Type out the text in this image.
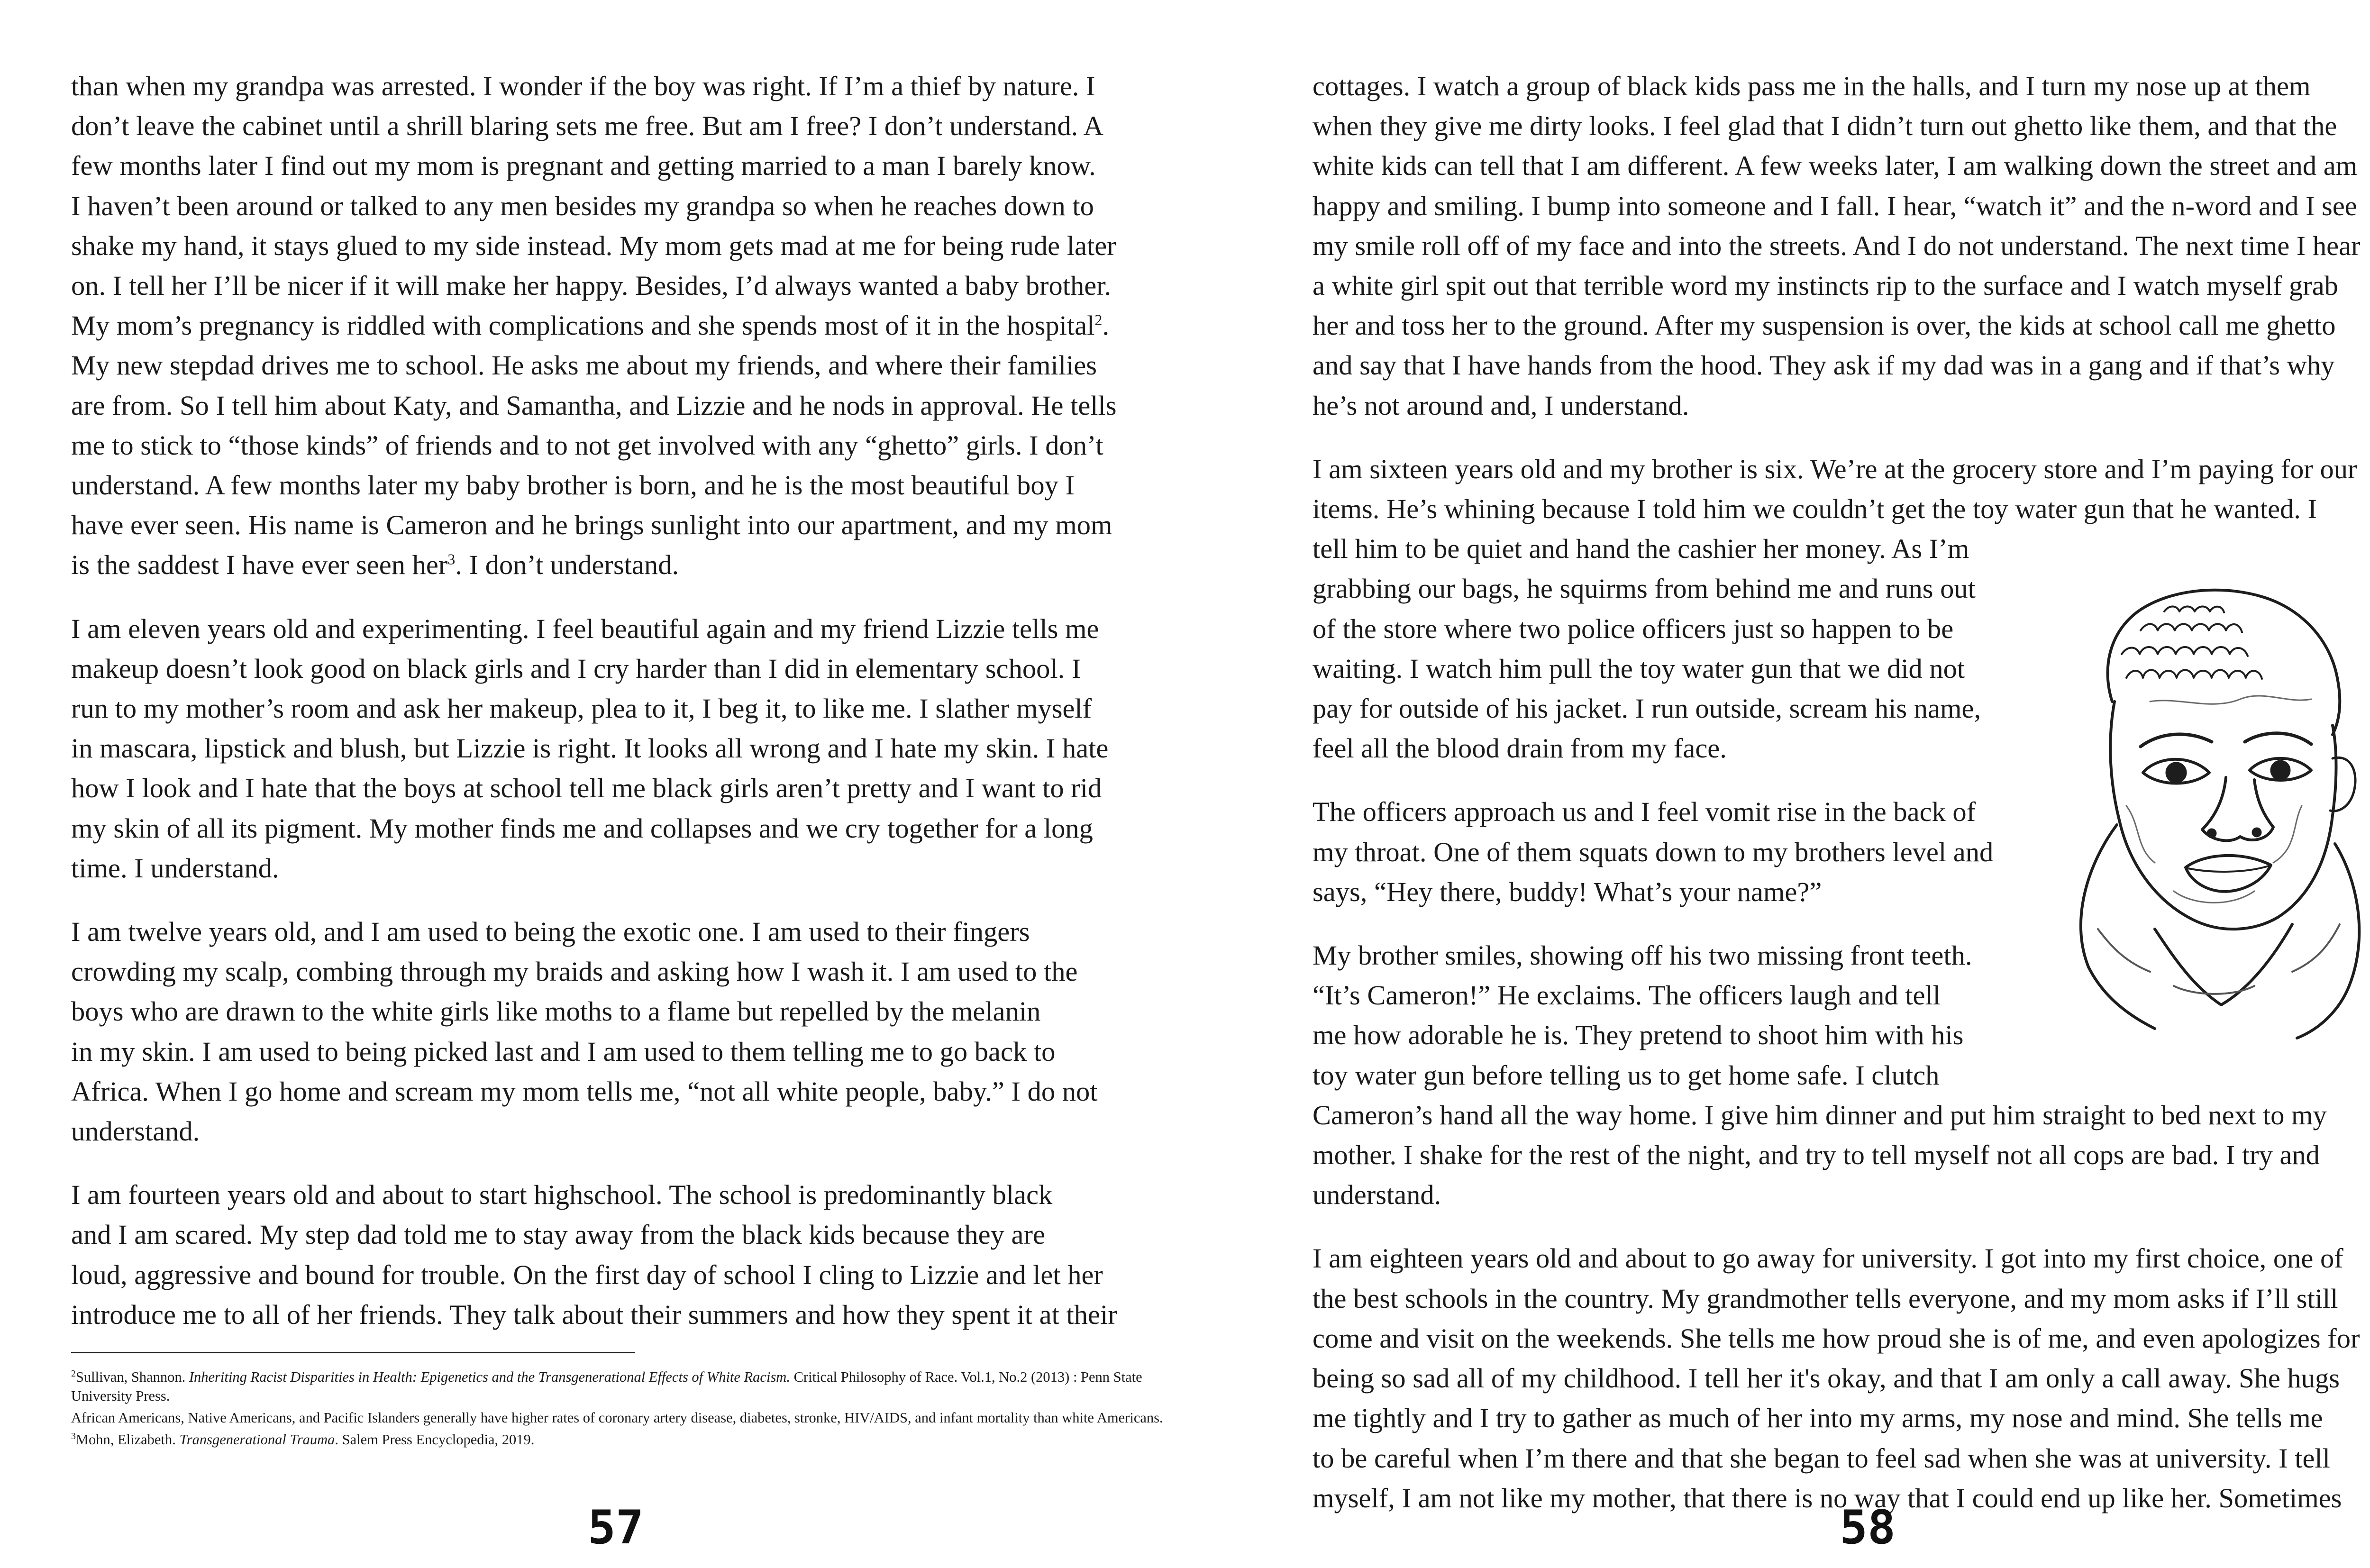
than when my grandpa was arrested. I wonder if the boy was right. If I’m a thief by nature. I
don’t leave the cabinet until a shrill blaring sets me free. But am I free? I don’t understand. A
few months later I find out my mom is pregnant and getting married to a man I barely know.
I haven’t been around or talked to any men besides my grandpa so when he reaches down to
shake my hand, it stays glued to my side instead. My mom gets mad at me for being rude later
on. I tell her I’ll be nicer if it will make her happy. Besides, I’d always wanted a baby brother.
My mom’s pregnancy is riddled with complications and she spends most of it in the hospital$^2$.
My new stepdad drives me to school. He asks me about my friends, and where their families
are from. So I tell him about Katy, and Samantha, and Lizzie and he nods in approval. He tells
me to stick to “those kinds” of friends and to not get involved with any “ghetto” girls. I don’t
understand. A few months later my baby brother is born, and he is the most beautiful boy I
have ever seen. His name is Cameron and he brings sunlight into our apartment, and my mom
is the saddest I have ever seen her$^3$. I don’t understand.
I am eleven years old and experimenting. I feel beautiful again and my friend Lizzie tells me
makeup doesn’t look good on black girls and I cry harder than I did in elementary school. I
run to my mother’s room and ask her makeup, plea to it, I beg it, to like me. I slather myself
in mascara, lipstick and blush, but Lizzie is right. It looks all wrong and I hate my skin. I hate
how I look and I hate that the boys at school tell me black girls aren’t pretty and I want to rid
my skin of all its pigment. My mother finds me and collapses and we cry together for a long
time. I understand.
I am twelve years old, and I am used to being the exotic one. I am used to their fingers
crowding my scalp, combing through my braids and asking how I wash it. I am used to the
boys who are drawn to the white girls like moths to a flame but repelled by the melanin
in my skin. I am used to being picked last and I am used to them telling me to go back to
Africa. When I go home and scream my mom tells me, “not all white people, baby.” I do not
understand.
I am fourteen years old and about to start highschool. The school is predominantly black
and I am scared. My step dad told me to stay away from the black kids because they are
loud, aggressive and bound for trouble. On the first day of school I cling to Lizzie and let her
introduce me to all of her friends. They talk about their summers and how they spent it at their
$^2$Sullivan, Shannon. Inheriting Racist Disparities in Health: Epigenetics and the Transgenerational Effects of White Racism. Critical Philosophy of Race. Vol.1, No.2 (2013) : Penn State University Press.
African Americans, Native Americans, and Pacific Islanders generally have higher rates of coronary artery disease, diabetes, stronke, HIV/AIDS, and infant mortality than white Americans.
$^3$Mohn, Elizabeth. Transgenerational Trauma. Salem Press Encyclopedia, 2019.
57
cottages. I watch a group of black kids pass me in the halls, and I turn my nose up at them
when they give me dirty looks. I feel glad that I didn’t turn out ghetto like them, and that the
white kids can tell that I am different. A few weeks later, I am walking down the street and am
happy and smiling. I bump into someone and I fall. I hear, “watch it” and the n-word and I see
my smile roll off of my face and into the streets. And I do not understand. The next time I hear
a white girl spit out that terrible word my instincts rip to the surface and I watch myself grab
her and toss her to the ground. After my suspension is over, the kids at school call me ghetto
and say that I have hands from the hood. They ask if my dad was in a gang and if that’s why
he’s not around and, I understand.
I am sixteen years old and my brother is six. We’re at the grocery store and I’m paying for our
items. He’s whining because I told him we couldn’t get the toy water gun that he wanted. I
tell him to be quiet and hand the cashier her money. As I’m
grabbing our bags, he squirms from behind me and runs out
of the store where two police officers just so happen to be
waiting. I watch him pull the toy water gun that we did not
pay for outside of his jacket. I run outside, scream his name,
feel all the blood drain from my face.
The officers approach us and I feel vomit rise in the back of
my throat. One of them squats down to my brothers level and
says, “Hey there, buddy! What’s your name?”
My brother smiles, showing off his two missing front teeth.
“It’s Cameron!” He exclaims. The officers laugh and tell
me how adorable he is. They pretend to shoot him with his
toy water gun before telling us to get home safe. I clutch
Cameron’s hand all the way home. I give him dinner and put him straight to bed next to my
mother. I shake for the rest of the night, and try to tell myself not all cops are bad. I try and
understand.
I am eighteen years old and about to go away for university. I got into my first choice, one of
the best schools in the country. My grandmother tells everyone, and my mom asks if I’ll still
come and visit on the weekends. She tells me how proud she is of me, and even apologizes for
being so sad all of my childhood. I tell her it's okay, and that I am only a call away. She hugs
me tightly and I try to gather as much of her into my arms, my nose and mind. She tells me
to be careful when I’m there and that she began to feel sad when she was at university. I tell
myself, I am not like my mother, that there is no way that I could end up like her. Sometimes
58
